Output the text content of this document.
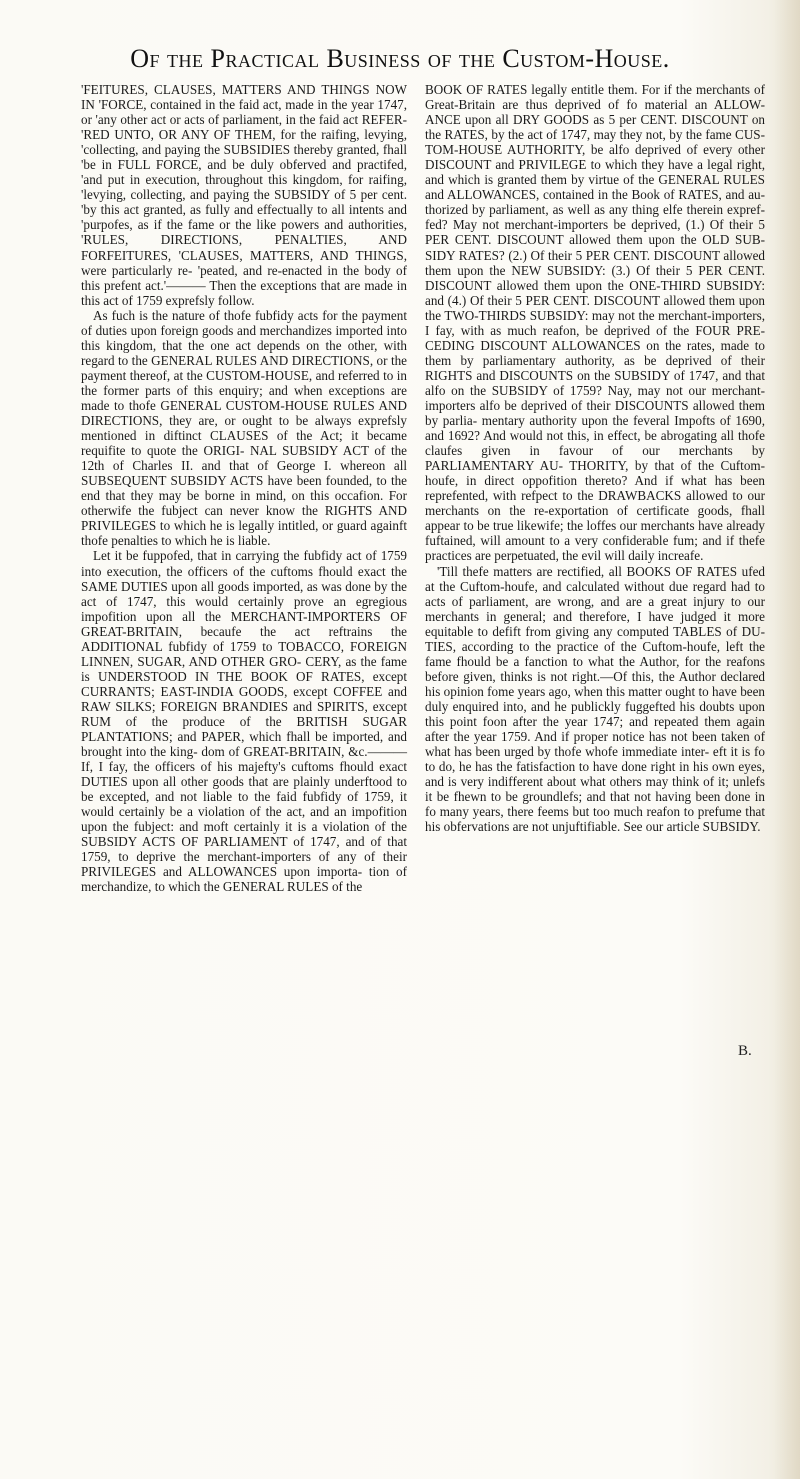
Of the Practical Business of the Custom-House.

'FEITURES, CLAUSES, MATTERS AND THINGS NOW IN 'FORCE, contained in the faid act, made in the year 1747, or 'any other act or acts of parliament, in the faid act REFER- 'RED UNTO, OR ANY OF THEM, for the raifing, levying, 'collecting, and paying the SUBSIDIES thereby granted, fhall 'be in FULL FORCE, and be duly obferved and practifed, 'and put in execution, throughout this kingdom, for raifing, 'levying, collecting, and paying the SUBSIDY of 5 per cent. 'by this act granted, as fully and effectually to all intents and 'purpofes, as if the fame or the like powers and authorities, 'RULES, DIRECTIONS, PENALTIES, AND FORFEITURES, 'CLAUSES, MATTERS, AND THINGS, were particularly re- 'peated, and re-enacted in the body of this prefent act.'——— Then the exceptions that are made in this act of 1759 exprefsly follow.

As fuch is the nature of thofe fubfidy acts for the payment of duties upon foreign goods and merchandizes imported into this kingdom, that the one act depends on the other, with regard to the GENERAL RULES AND DIRECTIONS, or the payment thereof, at the CUSTOM-HOUSE, and referred to in the former parts of this enquiry; and when exceptions are made to thofe GENERAL CUSTOM-HOUSE RULES AND DIRECTIONS, they are, or ought to be always exprefsly mentioned in diftinct CLAUSES of the Act; it became requifite to quote the ORIGI- NAL SUBSIDY ACT of the 12th of Charles II. and that of George I. whereon all SUBSEQUENT SUBSIDY ACTS have been founded, to the end that they may be borne in mind, on this occafion. For otherwife the fubject can never know the RIGHTS AND PRIVILEGES to which he is legally intitled, or guard againft thofe penalties to which he is liable.

Let it be fuppofed, that in carrying the fubfidy act of 1759 into execution, the officers of the cuftoms fhould exact the SAME DUTIES upon all goods imported, as was done by the act of 1747, this would certainly prove an egregious impofition upon all the MERCHANT-IMPORTERS OF GREAT-BRITAIN, becaufe the act reftrains the ADDITIONAL fubfidy of 1759 to TOBACCO, FOREIGN LINNEN, SUGAR, AND OTHER GRO- CERY, as the fame is UNDERSTOOD IN THE BOOK OF RATES, except CURRANTS; EAST-INDIA GOODS, except COFFEE and RAW SILKS; FOREIGN BRANDIES and SPIRITS, except RUM of the produce of the BRITISH SUGAR PLANTATIONS; and PAPER, which fhall be imported, and brought into the king- dom of GREAT-BRITAIN, &c.———If, I fay, the officers of his majefty's cuftoms fhould exact DUTIES upon all other goods that are plainly underftood to be excepted, and not liable to the faid fubfidy of 1759, it would certainly be a violation of the act, and an impofition upon the fubject: and moft certainly it is a violation of the SUBSIDY ACTS OF PARLIAMENT of 1747, and of that 1759, to deprive the merchant-importers of any of their PRIVILEGES and ALLOWANCES upon importa- tion of merchandize, to which the GENERAL RULES of the

BOOK OF RATES legally entitle them. For if the merchants of Great-Britain are thus deprived of fo material an ALLOW- ANCE upon all DRY GOODS as 5 per CENT. DISCOUNT on the RATES, by the act of 1747, may they not, by the fame CUS- TOM-HOUSE AUTHORITY, be alfo deprived of every other DISCOUNT and PRIVILEGE to which they have a legal right, and which is granted them by virtue of the GENERAL RULES and ALLOWANCES, contained in the Book of RATES, and au- thorized by parliament, as well as any thing elfe therein expref- fed? May not merchant-importers be deprived, (1.) Of their 5 PER CENT. DISCOUNT allowed them upon the OLD SUB- SIDY RATES? (2.) Of their 5 PER CENT. DISCOUNT allowed them upon the NEW SUBSIDY: (3.) Of their 5 PER CENT. DISCOUNT allowed them upon the ONE-THIRD SUBSIDY: and (4.) Of their 5 PER CENT. DISCOUNT allowed them upon the TWO-THIRDS SUBSIDY: may not the merchant-importers, I fay, with as much reafon, be deprived of the FOUR PRE- CEDING DISCOUNT ALLOWANCES on the rates, made to them by parliamentary authority, as be deprived of their RIGHTS and DISCOUNTS on the SUBSIDY of 1747, and that alfo on the SUBSIDY of 1759? Nay, may not our merchant-importers alfo be deprived of their DISCOUNTS allowed them by parlia- mentary authority upon the feveral Impofts of 1690, and 1692? And would not this, in effect, be abrogating all thofe claufes given in favour of our merchants by PARLIAMENTARY AU- THORITY, by that of the Cuftom-houfe, in direct oppofition thereto? And if what has been reprefented, with refpect to the DRAWBACKS allowed to our merchants on the re-exportation of certificate goods, fhall appear to be true likewife; the loffes our merchants have already fuftained, will amount to a very confiderable fum; and if thefe practices are perpetuated, the evil will daily increafe.

'Till thefe matters are rectified, all BOOKS OF RATES ufed at the Cuftom-houfe, and calculated without due regard had to acts of parliament, are wrong, and are a great injury to our merchants in general; and therefore, I have judged it more equitable to defift from giving any computed TABLES of DU- TIES, according to the practice of the Cuftom-houfe, left the fame fhould be a fanction to what the Author, for the reafons before given, thinks is not right.—Of this, the Author declared his opinion fome years ago, when this matter ought to have been duly enquired into, and he publickly fuggefted his doubts upon this point foon after the year 1747; and repeated them again after the year 1759. And if proper notice has not been taken of what has been urged by thofe whofe immediate inter- eft it is fo to do, he has the fatisfaction to have done right in his own eyes, and is very indifferent about what others may think of it; unlefs it be fhewn to be groundlefs; and that not having been done in fo many years, there feems but too much reafon to prefume that his obfervations are not unjuftifiable. See our article SUBSIDY.

B.
